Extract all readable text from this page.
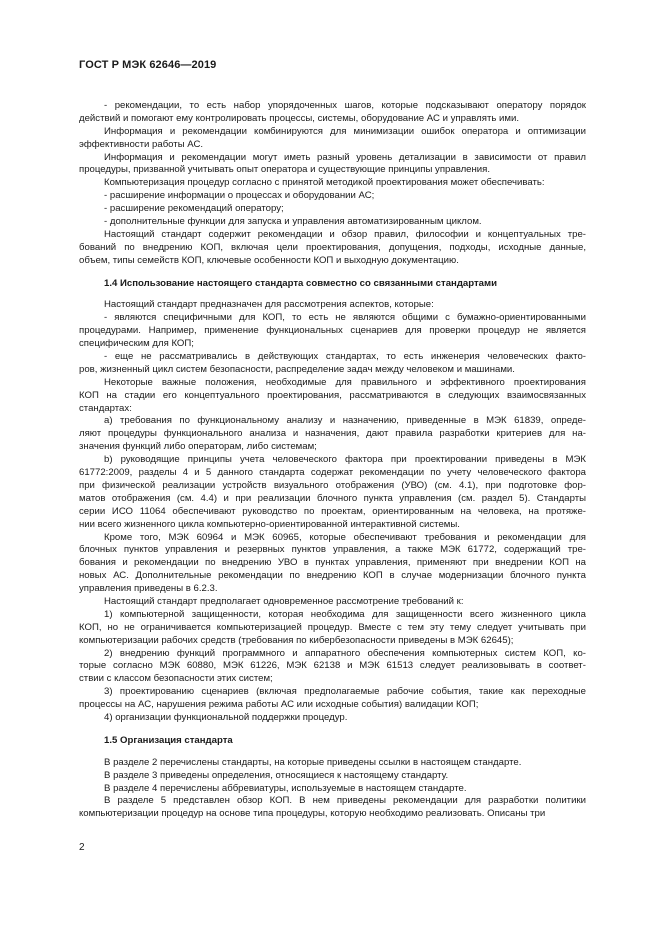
ГОСТ Р МЭК 62646—2019
- рекомендации, то есть набор упорядоченных шагов, которые подсказывают оператору порядок
действий и помогают ему контролировать процессы, системы, оборудование АС и управлять ими.
Информация и рекомендации комбинируются для минимизации ошибок оператора и оптимизации
эффективности работы АС.
Информация и рекомендации могут иметь разный уровень детализации в зависимости от правил
процедуры, призванной учитывать опыт оператора и существующие принципы управления.
Компьютеризация процедур согласно с принятой методикой проектирования может обеспечивать:
- расширение информации о процессах и оборудовании АС;
- расширение рекомендаций оператору;
- дополнительные функции для запуска и управления автоматизированным циклом.
Настоящий стандарт содержит рекомендации и обзор правил, философии и концептуальных тре-
бований по внедрению КОП, включая цели проектирования, допущения, подходы, исходные данные,
объем, типы семейств КОП, ключевые особенности КОП и выходную документацию.
1.4 Использование настоящего стандарта совместно со связанными стандартами
Настоящий стандарт предназначен для рассмотрения аспектов, которые:
- являются специфичными для КОП, то есть не являются общими с бумажно-ориентированными
процедурами. Например, применение функциональных сценариев для проверки процедур не является
специфическим для КОП;
- еще не рассматривались в действующих стандартах, то есть инженерия человеческих факто-
ров, жизненный цикл систем безопасности, распределение задач между человеком и машинами.
Некоторые важные положения, необходимые для правильного и эффективного проектирования
КОП на стадии его концептуального проектирования, рассматриваются в следующих взаимосвязанных
стандартах:
а) требования по функциональному анализу и назначению, приведенные в МЭК 61839, опреде-
ляют процедуры функционального анализа и назначения, дают правила разработки критериев для на-
значения функций либо операторам, либо системам;
b) руководящие принципы учета человеческого фактора при проектировании приведены в МЭК
61772:2009, разделы 4 и 5 данного стандарта содержат рекомендации по учету человеческого фактора
при физической реализации устройств визуального отображения (УВО) (см. 4.1), при подготовке фор-
матов отображения (см. 4.4) и при реализации блочного пункта управления (см. раздел 5). Стандарты
серии ИСО 11064 обеспечивают руководство по проектам, ориентированным на человека, на протяже-
нии всего жизненного цикла компьютерно-ориентированной интерактивной системы.
Кроме того, МЭК 60964 и МЭК 60965, которые обеспечивают требования и рекомендации для
блочных пунктов управления и резервных пунктов управления, а также МЭК 61772, содержащий тре-
бования и рекомендации по внедрению УВО в пунктах управления, применяют при внедрении КОП на
новых АС. Дополнительные рекомендации по внедрению КОП в случае модернизации блочного пункта
управления приведены в 6.2.3.
Настоящий стандарт предполагает одновременное рассмотрение требований к:
1) компьютерной защищенности, которая необходима для защищенности всего жизненного цикла
КОП, но не ограничивается компьютеризацией процедур. Вместе с тем эту тему следует учитывать при
компьютеризации рабочих средств (требования по кибербезопасности приведены в МЭК 62645);
2) внедрению функций программного и аппаратного обеспечения компьютерных систем КОП, ко-
торые согласно МЭК 60880, МЭК 61226, МЭК 62138 и МЭК 61513 следует реализовывать в соответ-
ствии с классом безопасности этих систем;
3) проектированию сценариев (включая предполагаемые рабочие события, такие как переходные
процессы на АС, нарушения режима работы АС или исходные события) валидации КОП;
4) организации функциональной поддержки процедур.
1.5 Организация стандарта
В разделе 2 перечислены стандарты, на которые приведены ссылки в настоящем стандарте.
В разделе 3 приведены определения, относящиеся к настоящему стандарту.
В разделе 4 перечислены аббревиатуры, используемые в настоящем стандарте.
В разделе 5 представлен обзор КОП. В нем приведены рекомендации для разработки политики
компьютеризации процедур на основе типа процедуры, которую необходимо реализовать. Описаны три
2
